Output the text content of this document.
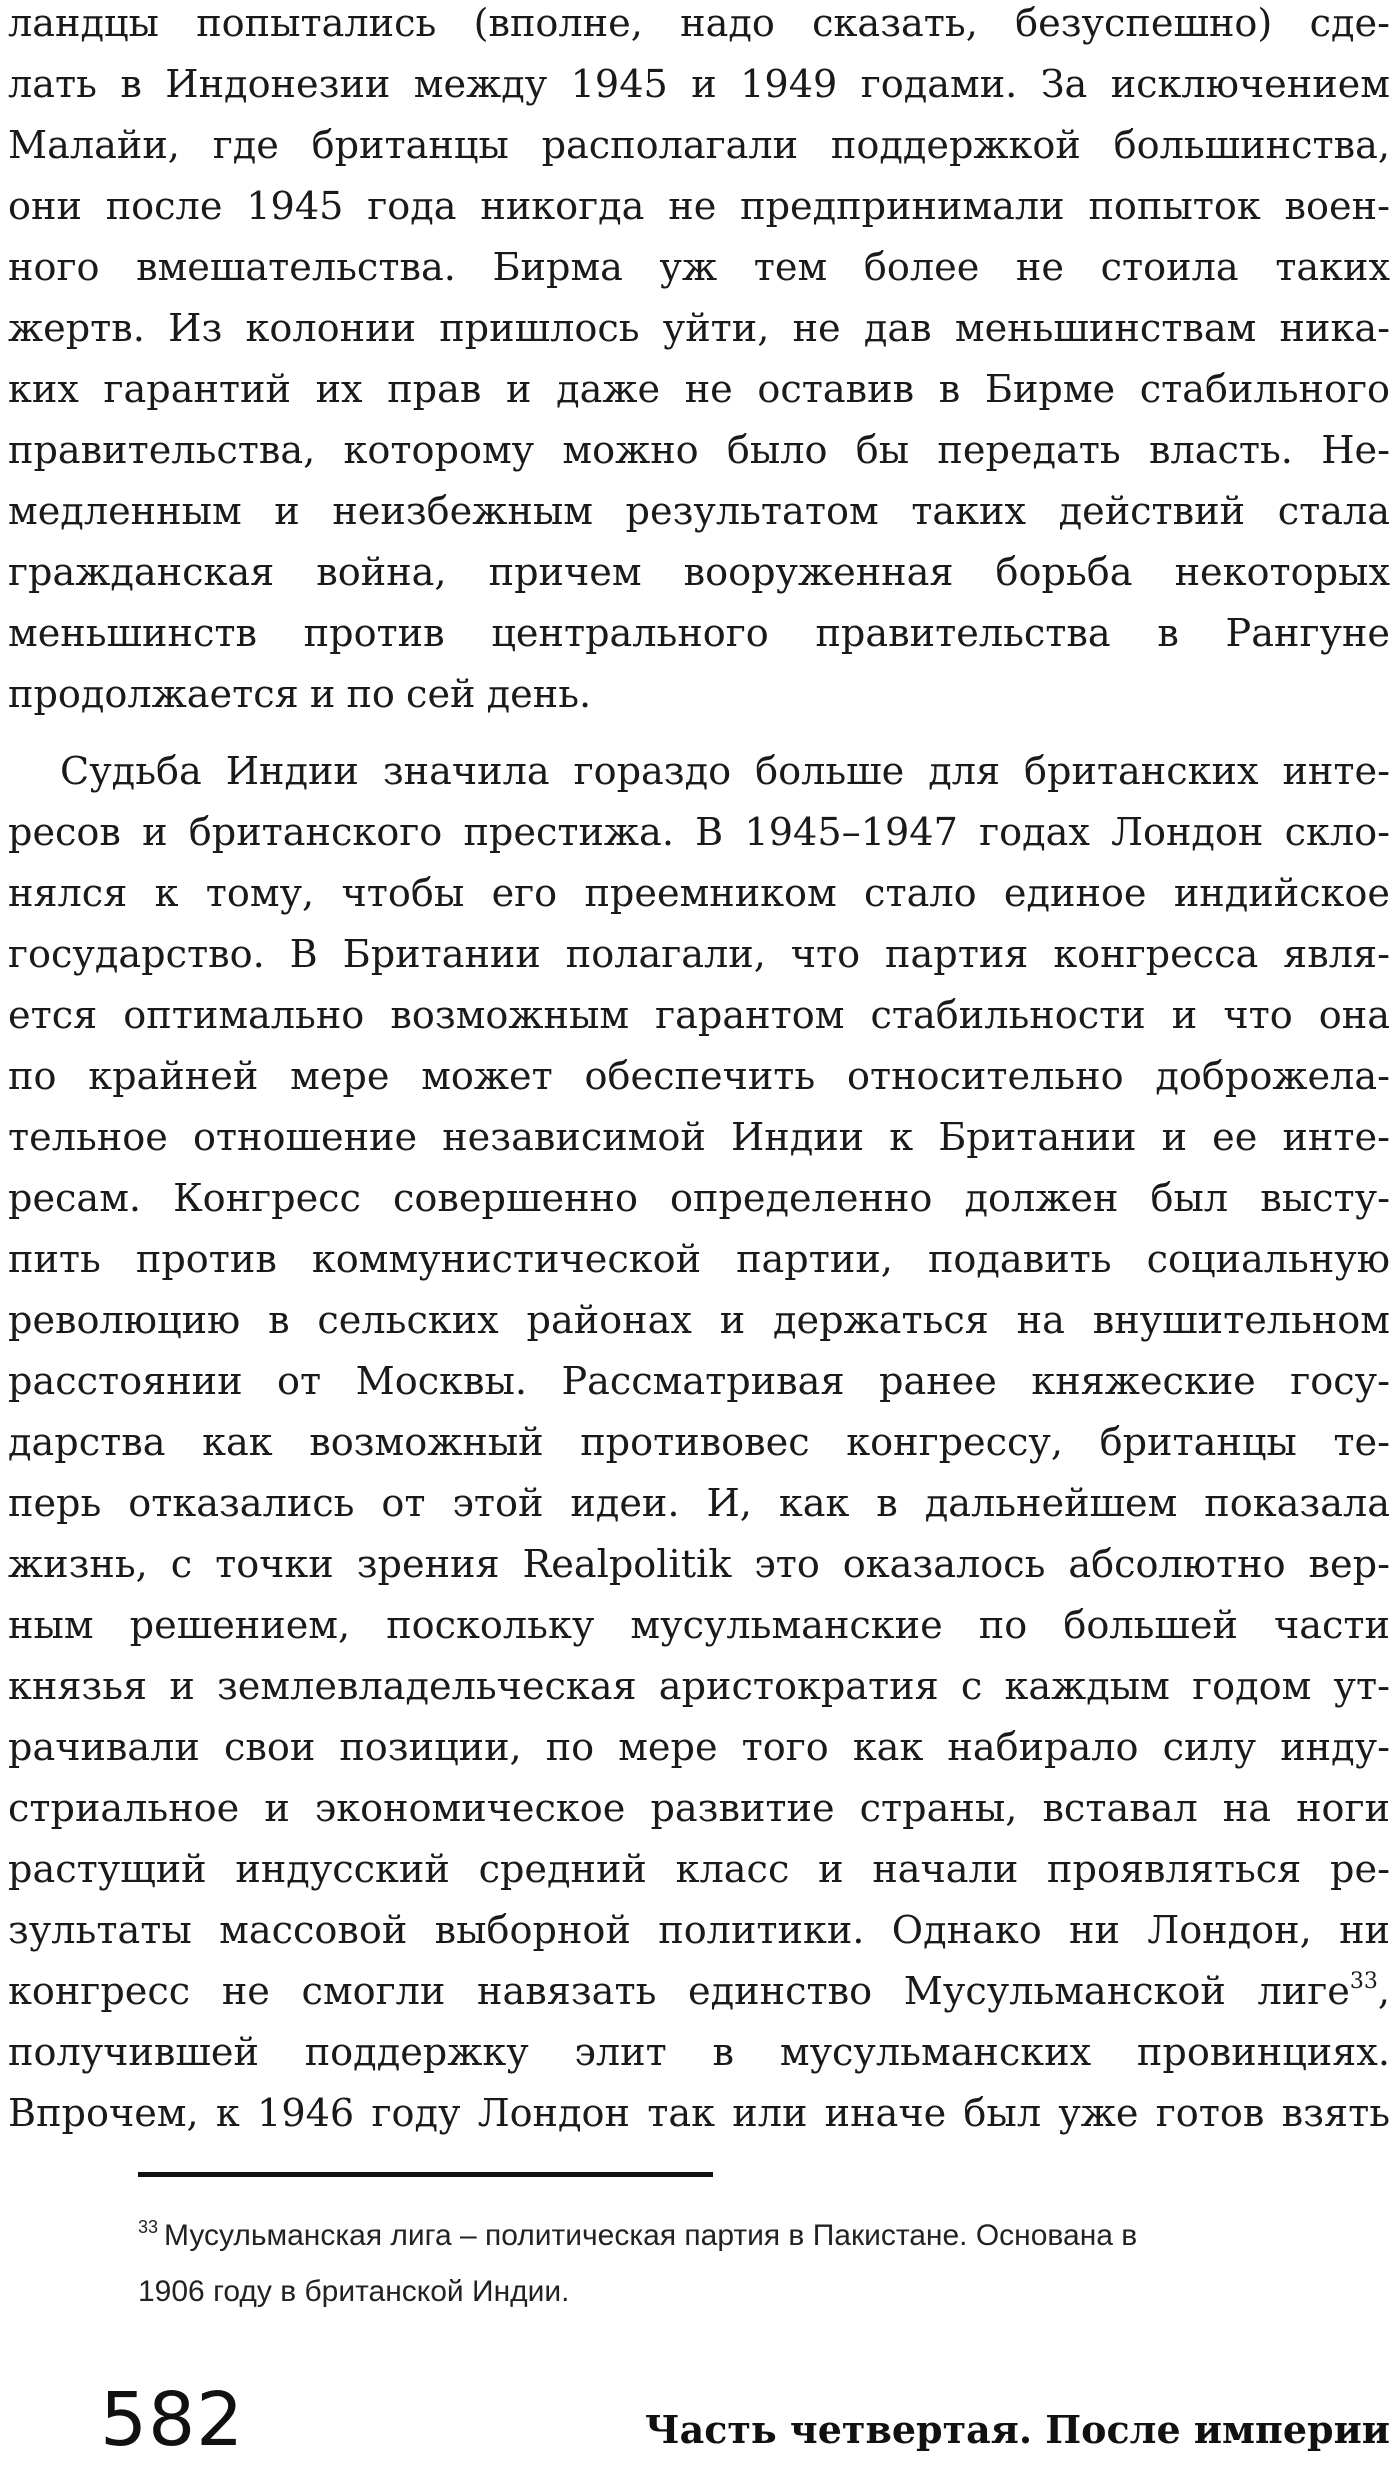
ландцы попытались (вполне, надо сказать, безуспешно) сде-
лать в Индонезии между 1945 и 1949 годами. За исключением
Малайи, где британцы располагали поддержкой большинства,
они после 1945 года никогда не предпринимали попыток воен-
ного вмешательства. Бирма уж тем более не стоила таких
жертв. Из колонии пришлось уйти, не дав меньшинствам никa-
ких гарантий их прав и даже не оставив в Бирме стабильного
правительства, которому можно было бы передать власть. Не-
медленным и неизбежным результатом таких действий стала
гражданская война, причем вооруженная борьба некоторых
меньшинств против центрального правительства в Рангуне
продолжается и по сей день.
Судьба Индии значила гораздо больше для британских инте-
ресов и британского престижа. В 1945–1947 годах Лондон скло-
нялся к тому, чтобы его преемником стало единое индийское
государство. В Британии полагали, что партия конгресса явля-
ется оптимально возможным гарантом стабильности и что она
по крайней мере может обеспечить относительно доброжела-
тельное отношение независимой Индии к Британии и ее инте-
ресам. Конгресс совершенно определенно должен был высту-
пить против коммунистической партии, подавить социальную
революцию в сельских районах и держаться на внушительном
расстоянии от Москвы. Рассматривая ранее княжеские госу-
дарства как возможный противовес конгрессу, британцы те-
перь отказались от этой идеи. И, как в дальнейшем показала
жизнь, с точки зрения Realpolitik это оказалось абсолютно вер-
ным решением, поскольку мусульманские по большей части
князья и землевладельческая аристократия с каждым годом ут-
рачивали свои позиции, по мере того как набирало силу инду-
стриальное и экономическое развитие страны, вставал на ноги
растущий индусский средний класс и начали проявляться ре-
зультаты массовой выборной политики. Однако ни Лондон, ни
конгресс не смогли навязать единство Мусульманской лиге$^{33}$,
получившей поддержку элит в мусульманских провинциях.
Впрочем, к 1946 году Лондон так или иначе был уже готов взять
$^{33}$ Мусульманская лига – политическая партия в Пакистане. Основана в
1906 году в британской Индии.
582	Часть четвертая. После империи
